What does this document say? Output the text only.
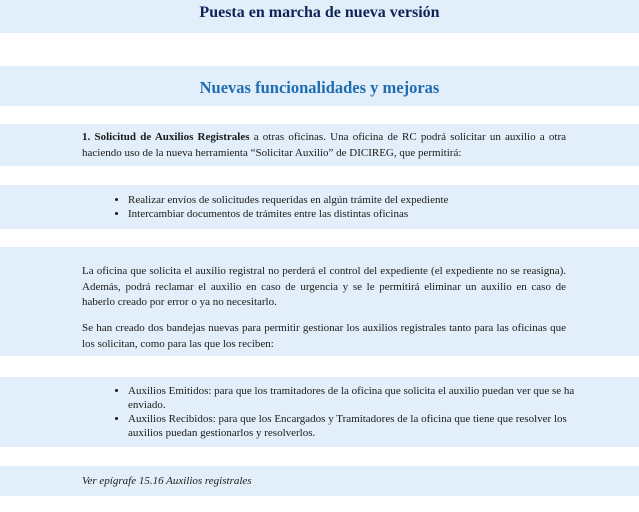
Puesta en marcha de nueva versión
Nuevas funcionalidades y mejoras
1. Solicitud de Auxilios Registrales a otras oficinas. Una oficina de RC podrá solicitar un auxilio a otra haciendo uso de la nueva herramienta “Solicitar Auxilio” de DICIREG, que permitirá:
• Realizar envíos de solicitudes requeridas en algún trámite del expediente
• Intercambiar documentos de trámites entre las distintas oficinas
La oficina que solicita el auxilio registral no perderá el control del expediente (el expediente no se reasigna). Además, podrá reclamar el auxilio en caso de urgencia y se le permitirá eliminar un auxilio en caso de haberlo creado por error o ya no necesitarlo.
Se han creado dos bandejas nuevas para permitir gestionar los auxilios registrales tanto para las oficinas que los solicitan, como para las que los reciben:
• Auxilios Emitidos: para que los tramitadores de la oficina que solicita el auxilio puedan ver que se ha enviado.
• Auxilios Recibidos: para que los Encargados y Tramitadores de la oficina que tiene que resolver los auxilios puedan gestionarlos y resolverlos.
Ver epígrafe 15.16 Auxilios registrales
